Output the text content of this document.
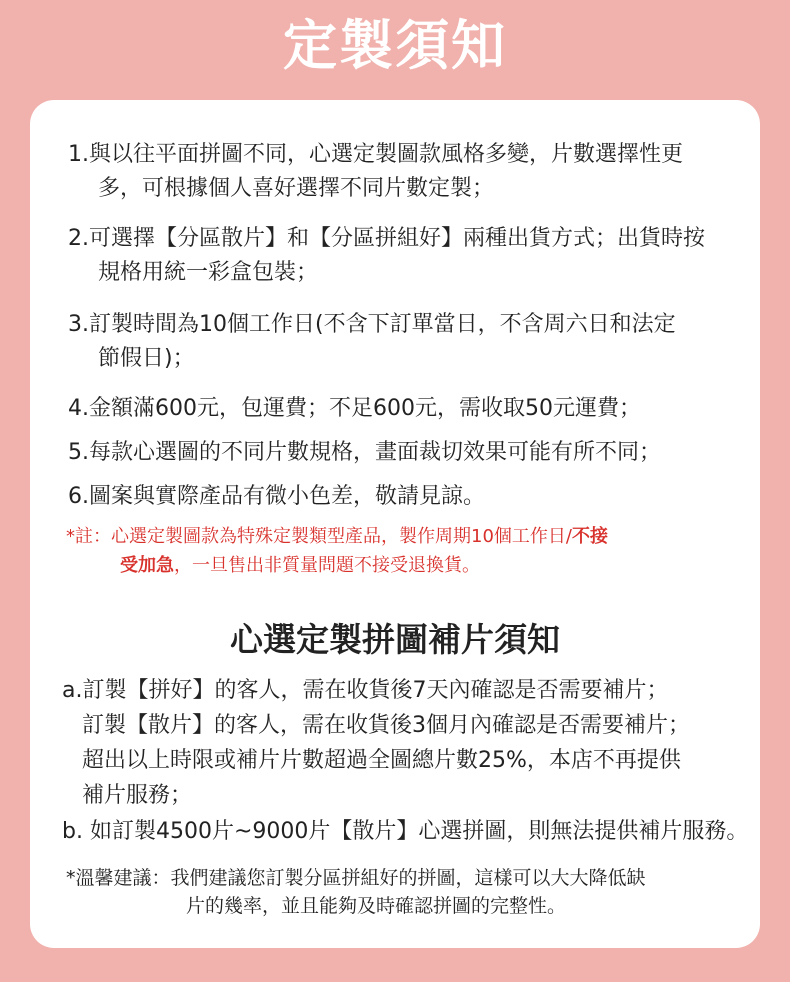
定製須知
1.與以往平面拼圖不同，心選定製圖款風格多變，片數選擇性更
多，可根據個人喜好選擇不同片數定製；
2.可選擇【分區散片】和【分區拼組好】兩種出貨方式；出貨時按
規格用統一彩盒包裝；
3.訂製時間為10個工作日(不含下訂單當日，不含周六日和法定
節假日)；
4.金額滿600元，包運費；不足600元，需收取50元運費；
5.每款心選圖的不同片數規格，畫面裁切效果可能有所不同；
6.圖案與實際產品有微小色差，敬請見諒。
*註：心選定製圖款為特殊定製類型產品，製作周期10個工作日/不接
受加急，一旦售出非質量問題不接受退換貨。
心選定製拼圖補片須知
a.訂製【拼好】的客人，需在收貨後7天內確認是否需要補片；
訂製【散片】的客人，需在收貨後3個月內確認是否需要補片；
超出以上時限或補片片數超過全圖總片數25%，本店不再提供
補片服務；
b. 如訂製4500片~9000片【散片】心選拼圖，則無法提供補片服務。
*溫馨建議：我們建議您訂製分區拼組好的拼圖，這樣可以大大降低缺
片的幾率，並且能夠及時確認拼圖的完整性。
